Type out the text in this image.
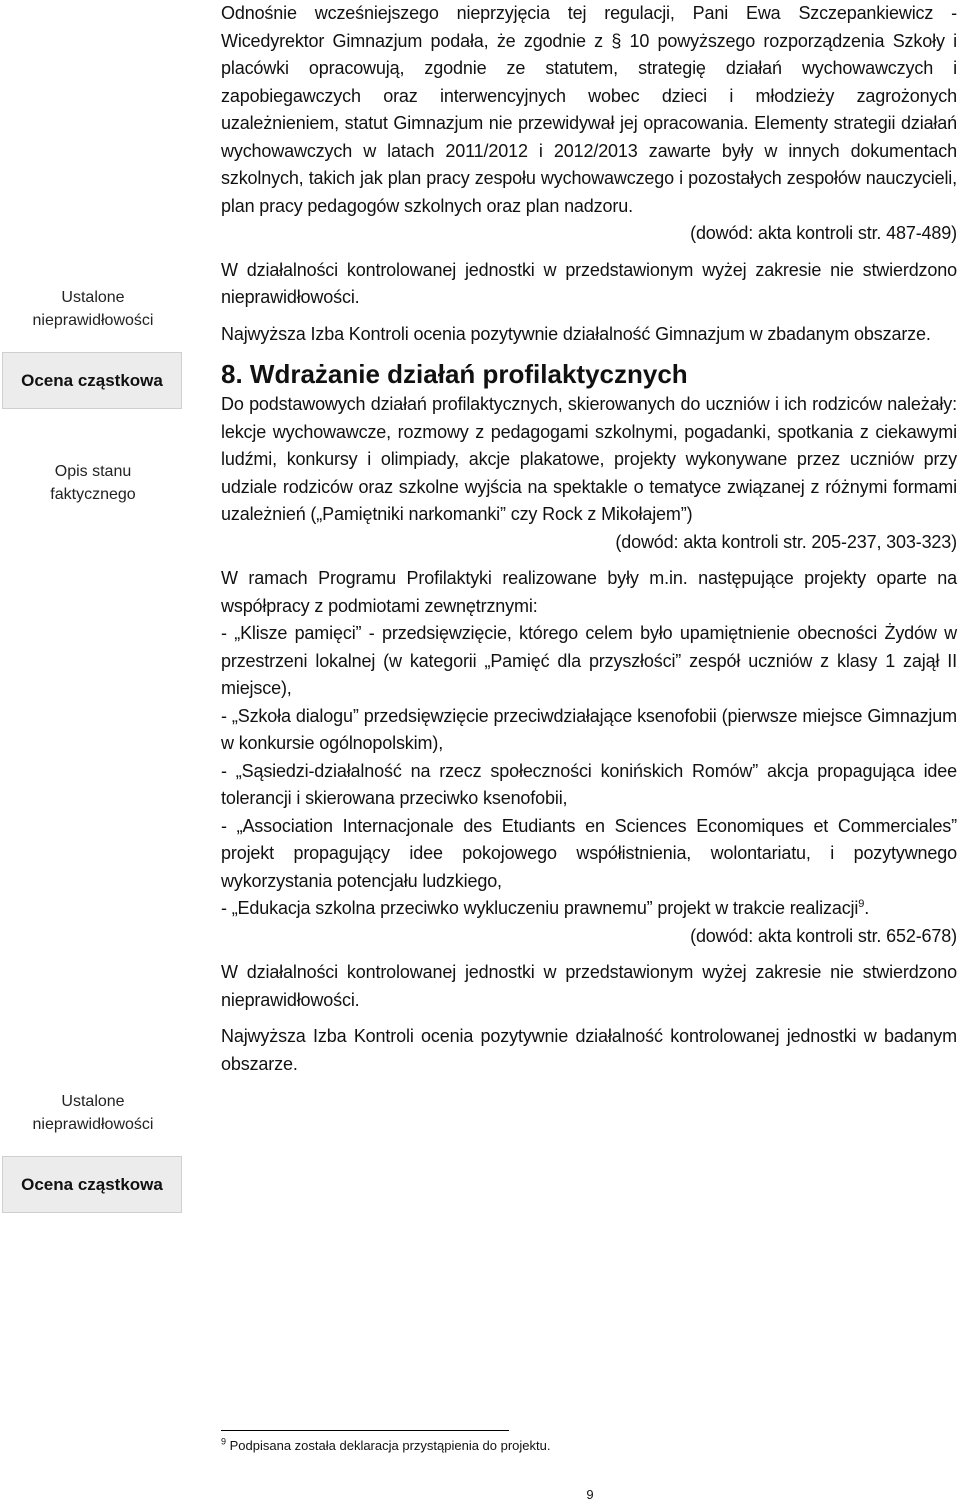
Ustalone
nieprawidłowości
Ocena cząstkowa
Opis stanu
faktycznego
Ustalone
nieprawidłowości
Ocena cząstkowa

Odnośnie wcześniejszego nieprzyjęcia tej regulacji, Pani Ewa Szczepankiewicz - Wicedyrektor Gimnazjum podała, że zgodnie z § 10 powyższego rozporządzenia Szkoły i placówki opracowują, zgodnie ze statutem, strategię działań wychowawczych i zapobiegawczych oraz interwencyjnych wobec dzieci i młodzieży zagrożonych uzależnieniem, statut Gimnazjum nie przewidywał jej opracowania. Elementy strategii działań wychowawczych w latach 2011/2012 i 2012/2013 zawarte były w innych dokumentach szkolnych, takich jak plan pracy zespołu wychowawczego i pozostałych zespołów nauczycieli, plan pracy pedagogów szkolnych oraz plan nadzoru.

(dowód: akta kontroli str. 487-489)

W działalności kontrolowanej jednostki w przedstawionym wyżej zakresie nie stwierdzono nieprawidłowości.

Najwyższa Izba Kontroli ocenia pozytywnie działalność Gimnazjum w zbadanym obszarze.

8. Wdrażanie działań profilaktycznych

Do podstawowych działań profilaktycznych, skierowanych do uczniów i ich rodziców należały: lekcje wychowawcze, rozmowy z pedagogami szkolnymi, pogadanki, spotkania z ciekawymi ludźmi, konkursy i olimpiady, akcje plakatowe, projekty wykonywane przez uczniów przy udziale rodziców oraz szkolne wyjścia na spektakle o tematyce związanej z różnymi formami uzależnień („Pamiętniki narkomanki” czy Rock z Mikołajem”)

(dowód: akta kontroli str. 205-237, 303-323)

W ramach Programu Profilaktyki realizowane były m.in. następujące projekty oparte na współpracy z podmiotami zewnętrznymi:

- „Klisze pamięci” - przedsięwzięcie, którego celem było upamiętnienie obecności Żydów w przestrzeni lokalnej (w kategorii „Pamięć dla przyszłości” zespół uczniów z klasy 1 zajął II miejsce),

- „Szkoła dialogu” przedsięwzięcie przeciwdziałające ksenofobii (pierwsze miejsce Gimnazjum w konkursie ogólnopolskim),

- „Sąsiedzi-działalność na rzecz społeczności konińskich Romów” akcja propagująca idee tolerancji i skierowana przeciwko ksenofobii,

- „Association Internacjonale des Etudiants en Sciences Economiques et Commerciales” projekt propagujący idee pokojowego współistnienia, wolontariatu, i pozytywnego wykorzystania potencjału ludzkiego,

- „Edukacja szkolna przeciwko wykluczeniu prawnemu” projekt w trakcie realizacji$^9$.

(dowód: akta kontroli str. 652-678)

W działalności kontrolowanej jednostki w przedstawionym wyżej zakresie nie stwierdzono nieprawidłowości.

Najwyższa Izba Kontroli ocenia pozytywnie działalność kontrolowanej jednostki w badanym obszarze.

$^9$ Podpisana została deklaracja przystąpienia do projektu.
9
